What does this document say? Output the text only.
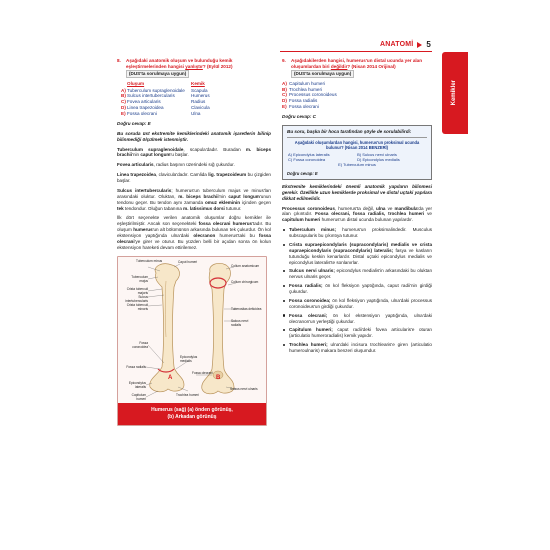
ANATOMİ 5
Kemikler
8.	Aşağıdaki anatomik oluşum ve bulunduğu kemik eşleştirmelerinden hangisi yanlıştır? (Eylül 2012)
(DUS'ta sorulmaya uygun)
	Oluşum	Kemik
A)	Tuberculum supraglenoidale	Scapula
B)	Sulcus intertubercularis	Humerus
C)	Fovea articularis	Radius
D)	Linea trapezoidea	Clavicula
E)	Fossa olecrani	Ulna
Doğru cevap: E

Bu soruda üst ekstremite kemiklerindeki anatomik işaretlerin bilinip bilinmediği ölçülmek istenmiştir.

Tuberculum supraglenoidale, scapula'dadır. Buradan m. biceps brachii'nin caput longum'u başlar.

Fovea articularis, radius başının üzerindeki sığ çukurdur.

Linea trapezoidea, clavicula'dadır. Camlida lig. trapezoideum bu çizgiden başlar.

Sulcus intertubercularis; humerus'un tuberculum majus ve minus'ları arasındaki oluktur. Oluktan, m. biceps brachii'nin caput longum'unun tendonu geçer. Bu tendon aynı zamanda omuz ekleminin içinden geçen tek tendondur. Oluğun tabanına m. latissimus dorsi tutunur.

İlk dört seçenekte verilen anatomik oluşumlar doğru kemikler ile eşleştirilmiştir. Ancak son seçenekteki fossa olecrani humerus'tadır. Bu oluşum humerus'un alt bölümünün arkasında bulunan tek çukurdur. Ön kol ekstensiyon yaptığında ulna'daki olecranon humerus'taki bu fossa olecrani'ye girer ve oturur. Bu yüzden belli bir açıdan sonra ön kolun ekstensiyon hareketi devam ettirilemez.

Tuberculum minus	Caput humeri
Collum anatomicum
Tuberculum majus	Collum chirurgicum
Crista tuberculi majoris
Sulcus intertubercularis
Crista tuberculi minoris	Tuberositas deltoidea
Sulcus nervi radialis
Fossa coronoidea
Fossa radialis
Epicondylus medialis
Epicondylus lateralis
Capitulum humeri
Trochlea humeri
Fossa olecrani
Sulcus nervi ulnaris
A	B
Humerus (sağ) (a) önden görünüş,
(b) Arkadan görünüş
9.	Aşağıdakilerden hangisi, humerus'un distal ucunda yer alan oluşumlardan biri değildir? (Nisan 2014 Orijinal) (DUS'ta sorulmaya uygun)
A) Capitulum humeri
B) Trochlea humeri
C) Processus coronoideus
D) Fossa radialis
E) Fossa olecrani
Doğru cevap: C
Bu soru, başka bir hoca tarafından şöyle de sorulabilirdi:
Aşağıdaki oluşumlardan hangisi, humerus'un proksimal ucunda bulunur? (Nisan 2014 BENZERİ)
A) Epicondylus lateralis	B) Sulcus nervi ulnaris
C) Fossa coronoidea	D) Epicondylus medialis
E) Tuberculum minus	
Doğru cevap: E

Ekstremite kemiklerindeki önemli anatomik yapıların bilinmesi gerekir. Özellikle uzun kemiklerde proksimal ve distal uçtaki yapılara dikkat edilmelidir.

Processus coronoideus, humerus'ta değil, ulna ve mandibula'da yer alan çıkıntıdır. Fossa olecrani, fossa radialis, trochlea humeri ve capitulum humeri humerus'un distal ucunda bulunan yapılardır.

Tuberculum minus; humerus'un proksimalindedir. Musculus subscapularis bu çıkıntıya tutunur.
Crista supraepicondylaris (supracondylaris) medialis ve crista supraepicondylaris (supracondylaris) lateralis; fasya ve kasların tutunduğu keskin kenarlardır. Distal uçtaki epicondylus medialis ve epicondylus lateralis'te sonlanırlar.
Sulcus nervi ulnaris; epicondylus medialis'in arkasındaki bu oluktan nervus ulnaris geçer.
Fossa radialis; ön kol fleksiyon yaptığında, caput radii'nin girdiği çukurdur.
Fossa coronoidea; ön kol fleksiyon yaptığında, ulna'daki processus coronoideus'un girdiği çukurdur.
Fossa olecrani; ön kol ekstensiyon yaptığında, ulna'daki olecranon'un yerleştiği çukurdur.
Capitulum humeri; caput radii'deki fovea articularis'e oturan (articulatio humeroradialis) kemik yapıdır.
Trochlea humeri; ulna'daki incisura trochlearis'e giren (articulatio humeroulnaris) makara benzeri oluşumdur.
